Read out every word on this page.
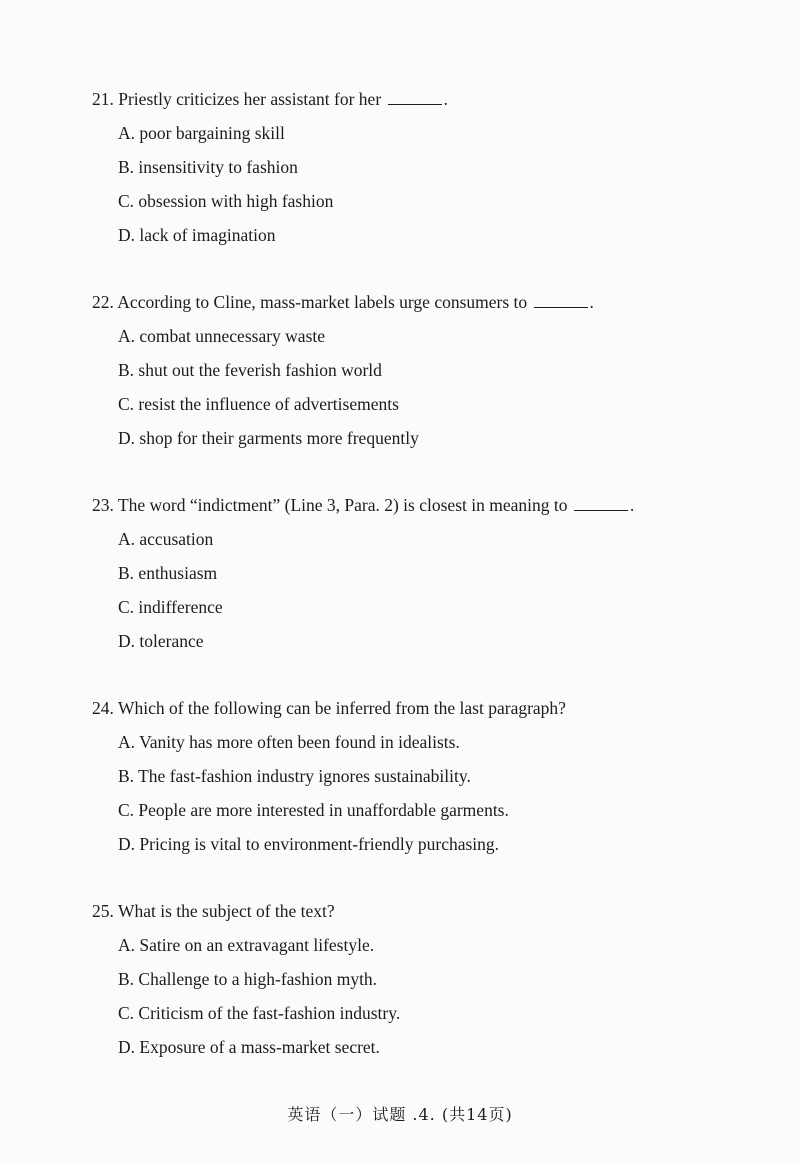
21. Priestly criticizes her assistant for her	.
A. poor bargaining skill
B. insensitivity to fashion
C. obsession with high fashion
D. lack of imagination
22. According to Cline, mass-market labels urge consumers to	.
A. combat unnecessary waste
B. shut out the feverish fashion world
C. resist the influence of advertisements
D. shop for their garments more frequently
23. The word “indictment” (Line 3, Para. 2) is closest in meaning to	.
A. accusation
B. enthusiasm
C. indifference
D. tolerance
24. Which of the following can be inferred from the last paragraph?
A. Vanity has more often been found in idealists.
B. The fast-fashion industry ignores sustainability.
C. People are more interested in unaffordable garments.
D. Pricing is vital to environment-friendly purchasing.
25. What is the subject of the text?
A. Satire on an extravagant lifestyle.
B. Challenge to a high-fashion myth.
C. Criticism of the fast-fashion industry.
D. Exposure of a mass-market secret.
英语（一）试题 .4. (共14页)
